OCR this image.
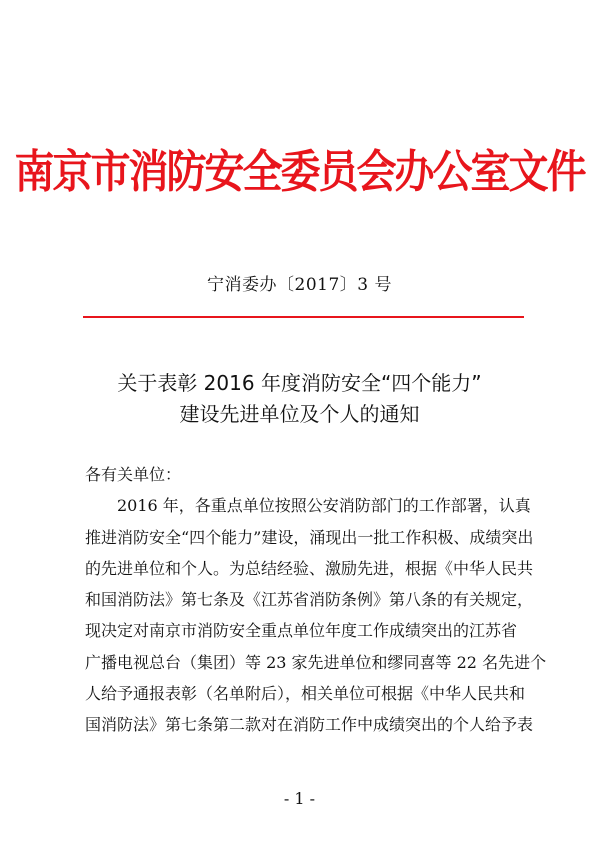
南京市消防安全委员会办公室文件
宁消委办〔2017〕3 号
关于表彰 2016 年度消防安全“四个能力”
建设先进单位及个人的通知
各有关单位：
2016 年，各重点单位按照公安消防部门的工作部署，认真
推进消防安全“四个能力”建设，涌现出一批工作积极、成绩突出
的先进单位和个人。为总结经验、激励先进，根据《中华人民共
和国消防法》第七条及《江苏省消防条例》第八条的有关规定，
现决定对南京市消防安全重点单位年度工作成绩突出的江苏省
广播电视总台（集团）等 23 家先进单位和缪同喜等 22 名先进个
人给予通报表彰（名单附后），相关单位可根据《中华人民共和
国消防法》第七条第二款对在消防工作中成绩突出的个人给予表
- 1 -
